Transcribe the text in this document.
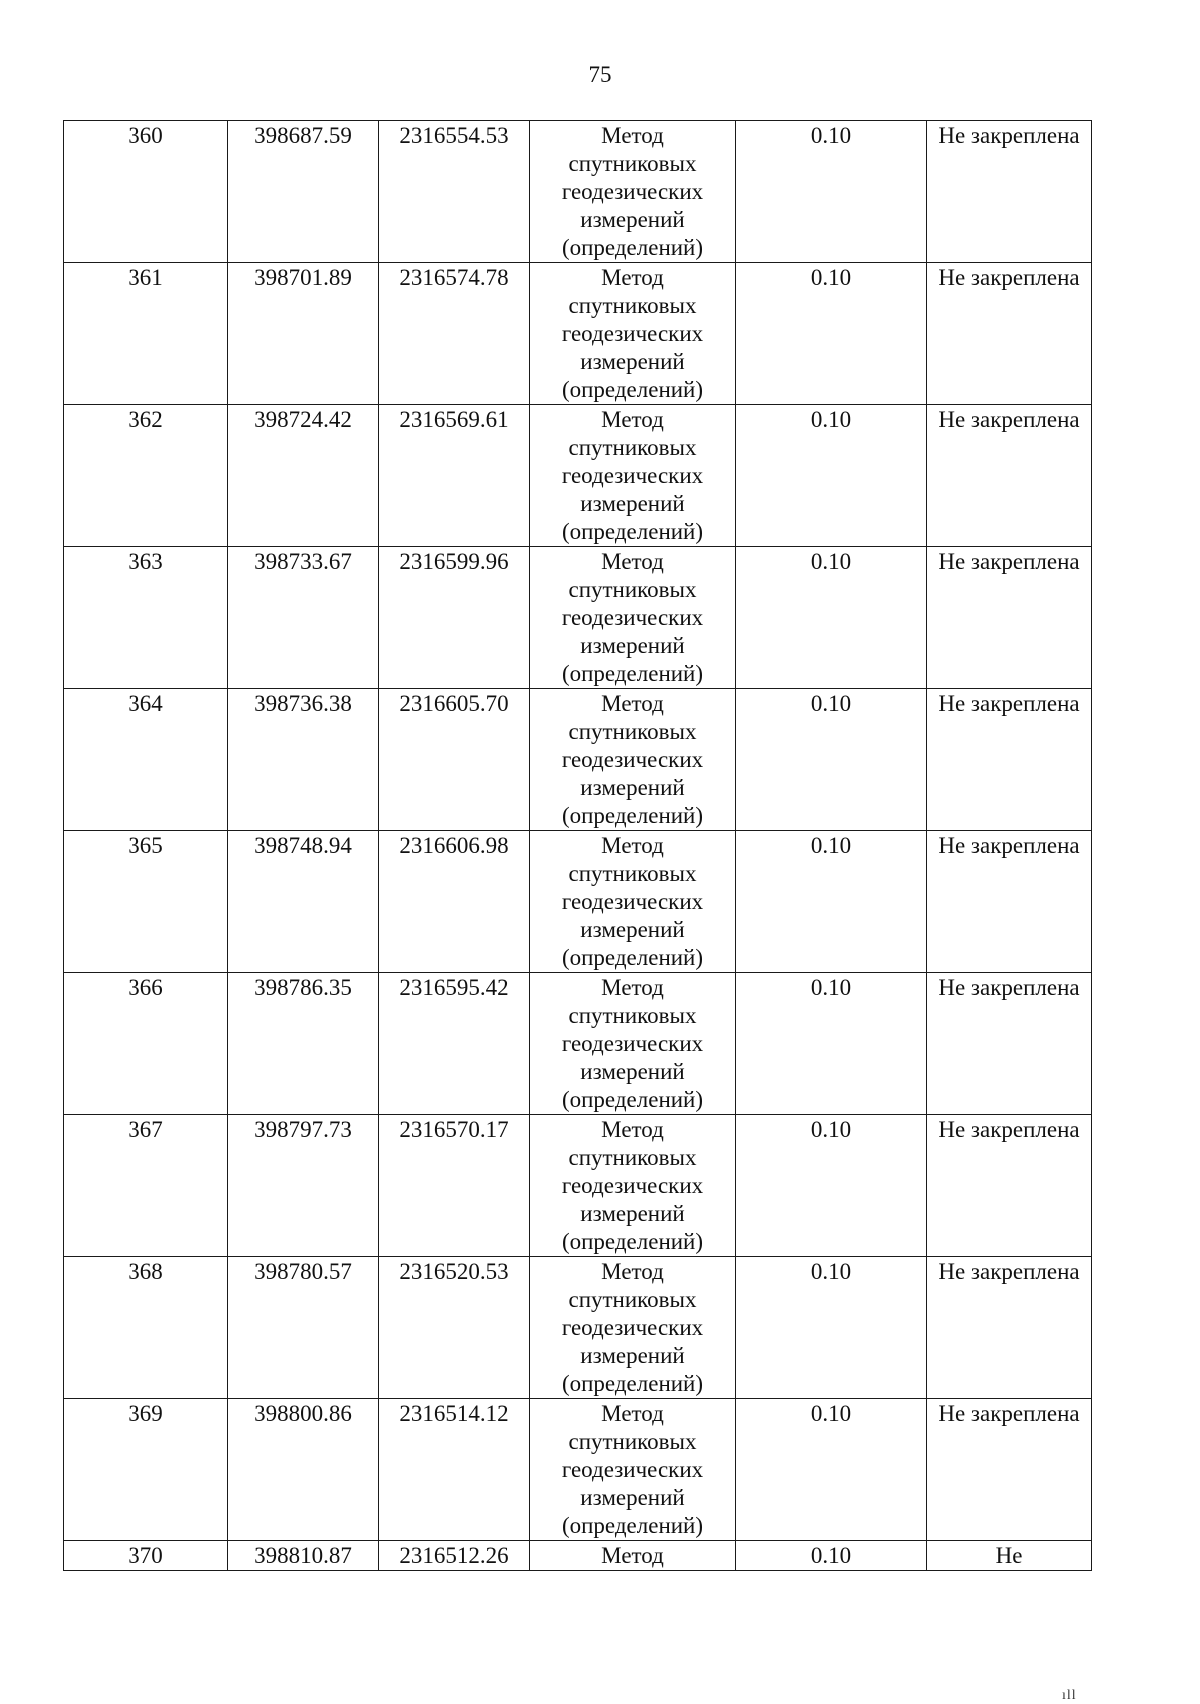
75
360	398687.59	2316554.53	Метод спутниковых геодезических измерений (определений)	0.10	Не закреплена
361	398701.89	2316574.78	Метод спутниковых геодезических измерений (определений)	0.10	Не закреплена
362	398724.42	2316569.61	Метод спутниковых геодезических измерений (определений)	0.10	Не закреплена
363	398733.67	2316599.96	Метод спутниковых геодезических измерений (определений)	0.10	Не закреплена
364	398736.38	2316605.70	Метод спутниковых геодезических измерений (определений)	0.10	Не закреплена
365	398748.94	2316606.98	Метод спутниковых геодезических измерений (определений)	0.10	Не закреплена
366	398786.35	2316595.42	Метод спутниковых геодезических измерений (определений)	0.10	Не закреплена
367	398797.73	2316570.17	Метод спутниковых геодезических измерений (определений)	0.10	Не закреплена
368	398780.57	2316520.53	Метод спутниковых геодезических измерений (определений)	0.10	Не закреплена
369	398800.86	2316514.12	Метод спутниковых геодезических измерений (определений)	0.10	Не закреплена
370	398810.87	2316512.26	Метод	0.10	Не
ıll
